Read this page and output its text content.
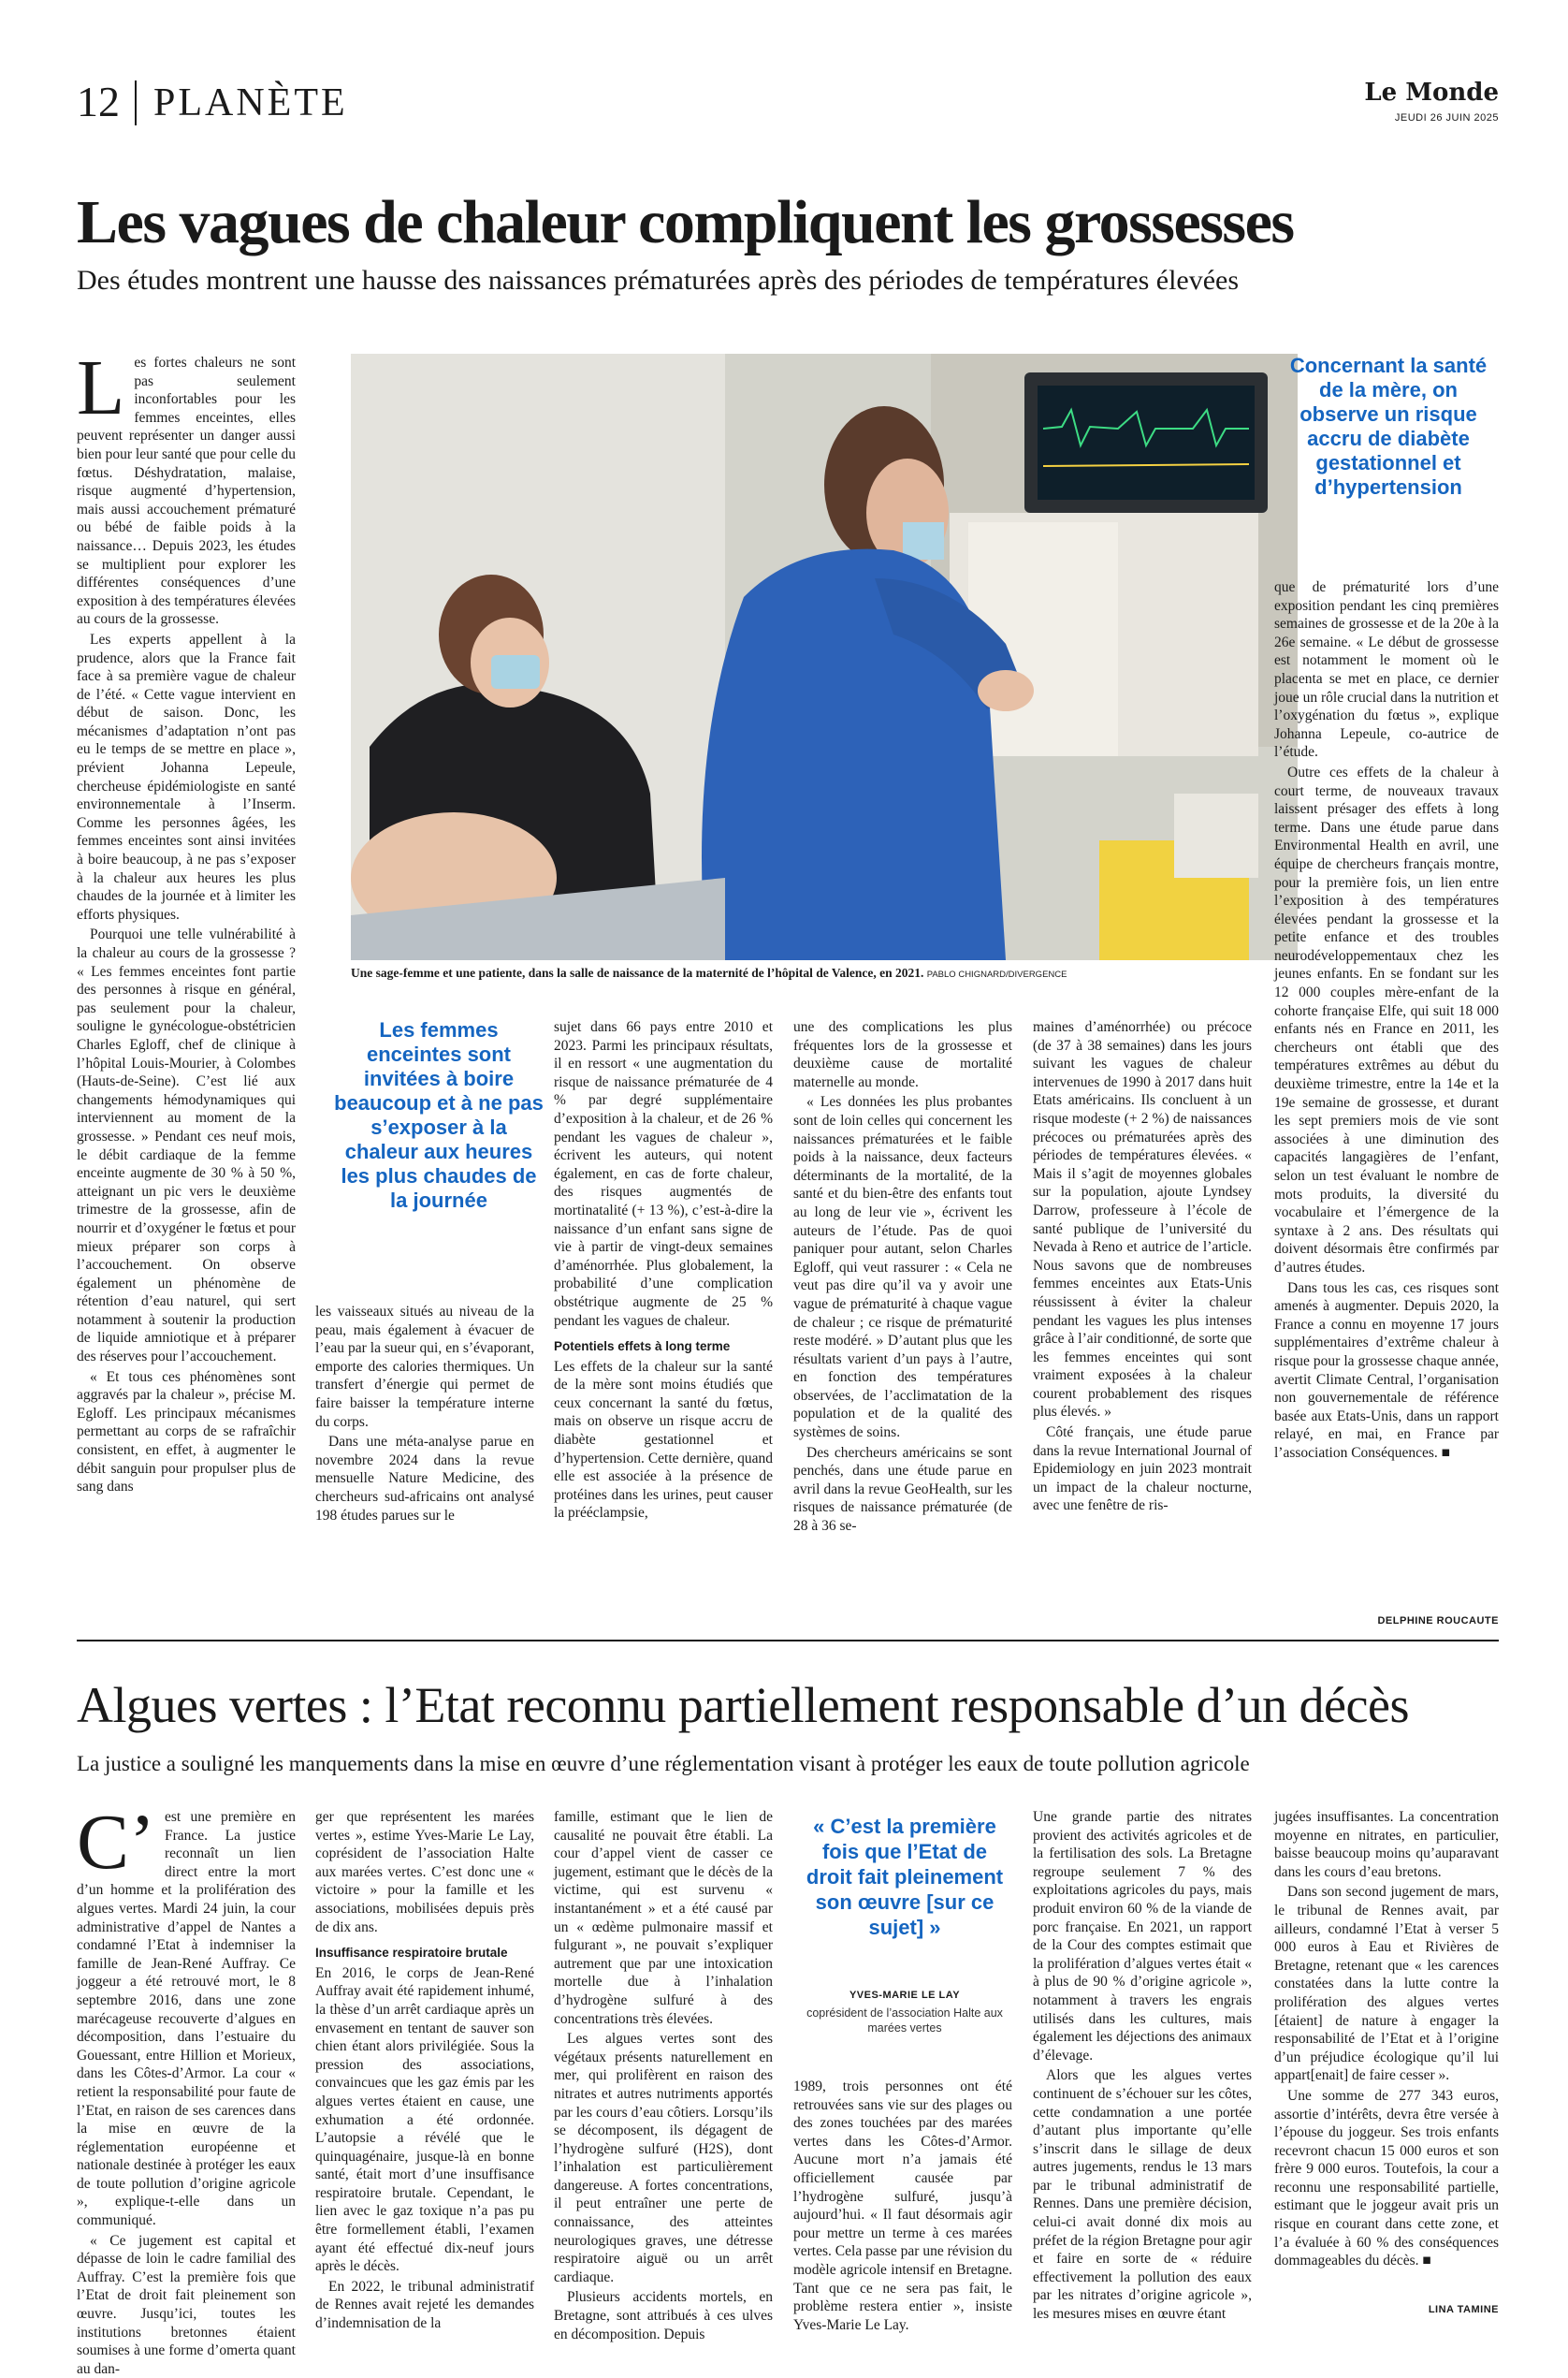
12 PLANÈTE	Le Monde
JEUDI 26 JUIN 2025
Les vagues de chaleur compliquent les grossesses
Des études montrent une hausse des naissances prématurées après des périodes de températures élevées
Une sage-femme et une patiente, dans la salle de naissance de la maternité de l’hôpital de Valence, en 2021. PABLO CHIGNARD/DIVERGENCE

Les fortes chaleurs ne sont pas seulement inconfortables pour les femmes enceintes, elles peuvent représenter un danger aussi bien pour leur santé que pour celle du fœtus. Déshydratation, malaise, risque augmenté d’hypertension, mais aussi accouchement prématuré ou bébé de faible poids à la naissance… Depuis 2023, les études se multiplient pour explorer les différentes conséquences d’une exposition à des températures élevées au cours de la grossesse.

Les experts appellent à la prudence, alors que la France fait face à sa première vague de chaleur de l’été. « Cette vague intervient en début de saison. Donc, les mécanismes d’adaptation n’ont pas eu le temps de se mettre en place », prévient Johanna Lepeule, chercheuse épidémiologiste en santé environnementale à l’Inserm. Comme les personnes âgées, les femmes enceintes sont ainsi invitées à boire beaucoup, à ne pas s’exposer à la chaleur aux heures les plus chaudes de la journée et à limiter les efforts physiques.

Pourquoi une telle vulnérabilité à la chaleur au cours de la grossesse ? « Les femmes enceintes font partie des personnes à risque en général, pas seulement pour la chaleur, souligne le gynécologue-obstétricien Charles Egloff, chef de clinique à l’hôpital Louis-Mourier, à Colombes (Hauts-de-Seine). C’est lié aux changements hémodynamiques qui interviennent au moment de la grossesse. » Pendant ces neuf mois, le débit cardiaque de la femme enceinte augmente de 30 % à 50 %, atteignant un pic vers le deuxième trimestre de la grossesse, afin de nourrir et d’oxygéner le fœtus et pour mieux préparer son corps à l’accouchement. On observe également un phénomène de rétention d’eau naturel, qui sert notamment à soutenir la production de liquide amniotique et à préparer des réserves pour l’accouchement.

« Et tous ces phénomènes sont aggravés par la chaleur », précise M. Egloff. Les principaux mécanismes permettant au corps de se rafraîchir consistent, en effet, à augmenter le débit sanguin pour propulser plus de sang dans

Les femmes enceintes sont invitées à boire beaucoup et à ne pas s’exposer à la chaleur aux heures les plus chaudes de la journée

les vaisseaux situés au niveau de la peau, mais également à évacuer de l’eau par la sueur qui, en s’évaporant, emporte des calories thermiques. Un transfert d’énergie qui permet de faire baisser la température interne du corps.

Dans une méta-analyse parue en novembre 2024 dans la revue mensuelle Nature Medicine, des chercheurs sud-africains ont analysé 198 études parues sur le

sujet dans 66 pays entre 2010 et 2023. Parmi les principaux résultats, il en ressort « une augmentation du risque de naissance prématurée de 4 % par degré supplémentaire d’exposition à la chaleur, et de 26 % pendant les vagues de chaleur », écrivent les auteurs, qui notent également, en cas de forte chaleur, des risques augmentés de mortinatalité (+ 13 %), c’est-à-dire la naissance d’un enfant sans signe de vie à partir de vingt-deux semaines d’aménorrhée. Plus globalement, la probabilité d’une complication obstétrique augmente de 25 % pendant les vagues de chaleur.

Potentiels effets à long terme

Les effets de la chaleur sur la santé de la mère sont moins étudiés que ceux concernant la santé du fœtus, mais on observe un risque accru de diabète gestationnel et d’hypertension. Cette dernière, quand elle est associée à la présence de protéines dans les urines, peut causer la prééclampsie,

une des complications les plus fréquentes lors de la grossesse et deuxième cause de mortalité maternelle au monde.

« Les données les plus probantes sont de loin celles qui concernent les naissances prématurées et le faible poids à la naissance, deux facteurs déterminants de la mortalité, de la santé et du bien-être des enfants tout au long de leur vie », écrivent les auteurs de l’étude. Pas de quoi paniquer pour autant, selon Charles Egloff, qui veut rassurer : « Cela ne veut pas dire qu’il va y avoir une vague de prématurité à chaque vague de chaleur ; ce risque de prématurité reste modéré. » D’autant plus que les résultats varient d’un pays à l’autre, en fonction des températures observées, de l’acclimatation de la population et de la qualité des systèmes de soins.

Des chercheurs américains se sont penchés, dans une étude parue en avril dans la revue GeoHealth, sur les risques de naissance prématurée (de 28 à 36 se-

maines d’aménorrhée) ou précoce (de 37 à 38 semaines) dans les jours suivant les vagues de chaleur intervenues de 1990 à 2017 dans huit Etats américains. Ils concluent à un risque modeste (+ 2 %) de naissances précoces ou prématurées après des périodes de températures élevées. « Mais il s’agit de moyennes globales sur la population, ajoute Lyndsey Darrow, professeure à l’école de santé publique de l’université du Nevada à Reno et autrice de l’article. Nous savons que de nombreuses femmes enceintes aux Etats-Unis réussissent à éviter la chaleur pendant les vagues les plus intenses grâce à l’air conditionné, de sorte que les femmes enceintes qui sont vraiment exposées à la chaleur courent probablement des risques plus élevés. »

Côté français, une étude parue dans la revue International Journal of Epidemiology en juin 2023 montrait un impact de la chaleur nocturne, avec une fenêtre de ris-

Concernant la santé de la mère, on observe un risque accru de diabète gestationnel et d’hypertension

que de prématurité lors d’une exposition pendant les cinq premières semaines de grossesse et de la 20e à la 26e semaine. « Le début de grossesse est notamment le moment où le placenta se met en place, ce dernier joue un rôle crucial dans la nutrition et l’oxygénation du fœtus », explique Johanna Lepeule, co-autrice de l’étude.

Outre ces effets de la chaleur à court terme, de nouveaux travaux laissent présager des effets à long terme. Dans une étude parue dans Environmental Health en avril, une équipe de chercheurs français montre, pour la première fois, un lien entre l’exposition à des températures élevées pendant la grossesse et la petite enfance et des troubles neurodéveloppementaux chez les jeunes enfants. En se fondant sur les 12 000 couples mère-enfant de la cohorte française Elfe, qui suit 18 000 enfants nés en France en 2011, les chercheurs ont établi que des températures extrêmes au début du deuxième trimestre, entre la 14e et la 19e semaine de grossesse, et durant les sept premiers mois de vie sont associées à une diminution des capacités langagières de l’enfant, selon un test évaluant le nombre de mots produits, la diversité du vocabulaire et l’émergence de la syntaxe à 2 ans. Des résultats qui doivent désormais être confirmés par d’autres études.

Dans tous les cas, ces risques sont amenés à augmenter. Depuis 2020, la France a connu en moyenne 17 jours supplémentaires d’extrême chaleur à risque pour la grossesse chaque année, avertit Climate Central, l’organisation non gouvernementale de référence basée aux Etats-Unis, dans un rapport relayé, en mai, en France par l’association Conséquences. ■

DELPHINE ROUCAUTE
Algues vertes : l’Etat reconnu partiellement responsable d’un décès
La justice a souligné les manquements dans la mise en œuvre d’une réglementation visant à protéger les eaux de toute pollution agricole

C’ est une première en France. La justice reconnaît un lien direct entre la mort d’un homme et la prolifération des algues vertes. Mardi 24 juin, la cour administrative d’appel de Nantes a condamné l’Etat à indemniser la famille de Jean-René Auffray. Ce joggeur a été retrouvé mort, le 8 septembre 2016, dans une zone marécageuse recouverte d’algues en décomposition, dans l’estuaire du Gouessant, entre Hillion et Morieux, dans les Côtes-d’Armor. La cour « retient la responsabilité pour faute de l’Etat, en raison de ses carences dans la mise en œuvre de la réglementation européenne et nationale destinée à protéger les eaux de toute pollution d’origine agricole », explique-t-elle dans un communiqué.

« Ce jugement est capital et dépasse de loin le cadre familial des Auffray. C’est la première fois que l’Etat de droit fait pleinement son œuvre. Jusqu’ici, toutes les institutions bretonnes étaient soumises à une forme d’omerta quant au dan-

ger que représentent les marées vertes », estime Yves-Marie Le Lay, coprésident de l’association Halte aux marées vertes. C’est donc une « victoire » pour la famille et les associations, mobilisées depuis près de dix ans.

Insuffisance respiratoire brutale

En 2016, le corps de Jean-René Auffray avait été rapidement inhumé, la thèse d’un arrêt cardiaque après un envasement en tentant de sauver son chien étant alors privilégiée. Sous la pression des associations, convaincues que les gaz émis par les algues vertes étaient en cause, une exhumation a été ordonnée. L’autopsie a révélé que le quinquagénaire, jusque-là en bonne santé, était mort d’une insuffisance respiratoire brutale. Cependant, le lien avec le gaz toxique n’a pas pu être formellement établi, l’examen ayant été effectué dix-neuf jours après le décès.

En 2022, le tribunal administratif de Rennes avait rejeté les demandes d’indemnisation de la

famille, estimant que le lien de causalité ne pouvait être établi. La cour d’appel vient de casser ce jugement, estimant que le décès de la victime, qui est survenu « instantanément » et a été causé par un « œdème pulmonaire massif et fulgurant », ne pouvait s’expliquer autrement que par une intoxication mortelle due à l’inhalation d’hydrogène sulfuré à des concentrations très élevées.

Les algues vertes sont des végétaux présents naturellement en mer, qui prolifèrent en raison des nitrates et autres nutriments apportés par les cours d’eau côtiers. Lorsqu’ils se décomposent, ils dégagent de l’hydrogène sulfuré (H2S), dont l’inhalation est particulièrement dangereuse. A fortes concentrations, il peut entraîner une perte de connaissance, des atteintes neurologiques graves, une détresse respiratoire aiguë ou un arrêt cardiaque.

Plusieurs accidents mortels, en Bretagne, sont attribués à ces ulves en décomposition. Depuis

« C’est la première fois que l’Etat de droit fait pleinement son œuvre [sur ce sujet] »
YVES-MARIE LE LAY
coprésident de l’association Halte aux marées vertes

1989, trois personnes ont été retrouvées sans vie sur des plages ou des zones touchées par des marées vertes dans les Côtes-d’Armor. Aucune mort n’a jamais été officiellement causée par l’hydrogène sulfuré, jusqu’à aujourd’hui. « Il faut désormais agir pour mettre un terme à ces marées vertes. Cela passe par une révision du modèle agricole intensif en Bretagne. Tant que ce ne sera pas fait, le problème restera entier », insiste Yves-Marie Le Lay.

Une grande partie des nitrates provient des activités agricoles et de la fertilisation des sols. La Bretagne regroupe seulement 7 % des exploitations agricoles du pays, mais produit environ 60 % de la viande de porc française. En 2021, un rapport de la Cour des comptes estimait que la prolifération d’algues vertes était « à plus de 90 % d’origine agricole », notamment à travers les engrais utilisés dans les cultures, mais également les déjections des animaux d’élevage.

Alors que les algues vertes continuent de s’échouer sur les côtes, cette condamnation a une portée d’autant plus importante qu’elle s’inscrit dans le sillage de deux autres jugements, rendus le 13 mars par le tribunal administratif de Rennes. Dans une première décision, celui-ci avait donné dix mois au préfet de la région Bretagne pour agir et faire en sorte de « réduire effectivement la pollution des eaux par les nitrates d’origine agricole », les mesures mises en œuvre étant

jugées insuffisantes. La concentration moyenne en nitrates, en particulier, baisse beaucoup moins qu’auparavant dans les cours d’eau bretons.

Dans son second jugement de mars, le tribunal de Rennes avait, par ailleurs, condamné l’Etat à verser 5 000 euros à Eau et Rivières de Bretagne, retenant que « les carences constatées dans la lutte contre la prolifération des algues vertes [étaient] de nature à engager la responsabilité de l’Etat et à l’origine d’un préjudice écologique qu’il lui appart[enait] de faire cesser ».

Une somme de 277 343 euros, assortie d’intérêts, devra être versée à l’épouse du joggeur. Ses trois enfants recevront chacun 15 000 euros et son frère 9 000 euros. Toutefois, la cour a reconnu une responsabilité partielle, estimant que le joggeur avait pris un risque en courant dans cette zone, et l’a évaluée à 60 % des conséquences dommageables du décès. ■

LINA TAMINE
